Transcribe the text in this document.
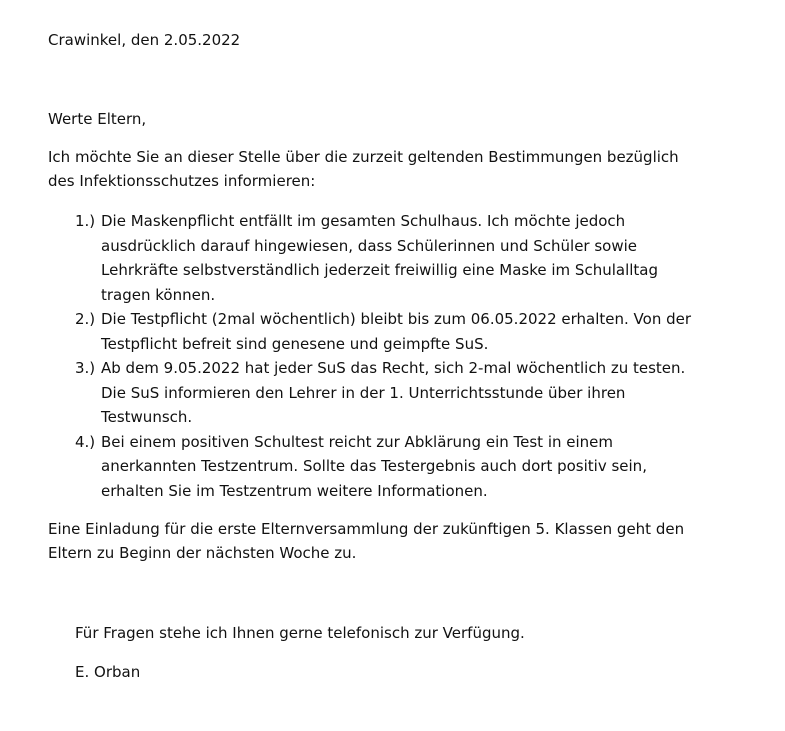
Crawinkel, den 2.05.2022
Werte Eltern,

Ich möchte Sie an dieser Stelle über die zurzeit geltenden Bestimmungen bezüglich

des Infektionsschutzes informieren:

1.) Die Maskenpflicht entfällt im gesamten Schulhaus. Ich möchte jedoch
ausdrücklich darauf hingewiesen, dass Schülerinnen und Schüler sowie
Lehrkräfte selbstverständlich jederzeit freiwillig eine Maske im Schulalltag
tragen können.
2.) Die Testpflicht (2mal wöchentlich) bleibt bis zum 06.05.2022 erhalten. Von der
Testpflicht befreit sind genesene und geimpfte SuS.
3.) Ab dem 9.05.2022 hat jeder SuS das Recht, sich 2-mal wöchentlich zu testen.
Die SuS informieren den Lehrer in der 1. Unterrichtsstunde über ihren
Testwunsch.
4.) Bei einem positiven Schultest reicht zur Abklärung ein Test in einem
anerkannten Testzentrum. Sollte das Testergebnis auch dort positiv sein,
erhalten Sie im Testzentrum weitere Informationen.
Eine Einladung für die erste Elternversammlung der zukünftigen 5. Klassen geht den
Eltern zu Beginn der nächsten Woche zu.
Für Fragen stehe ich Ihnen gerne telefonisch zur Verfügung.
E. Orban
